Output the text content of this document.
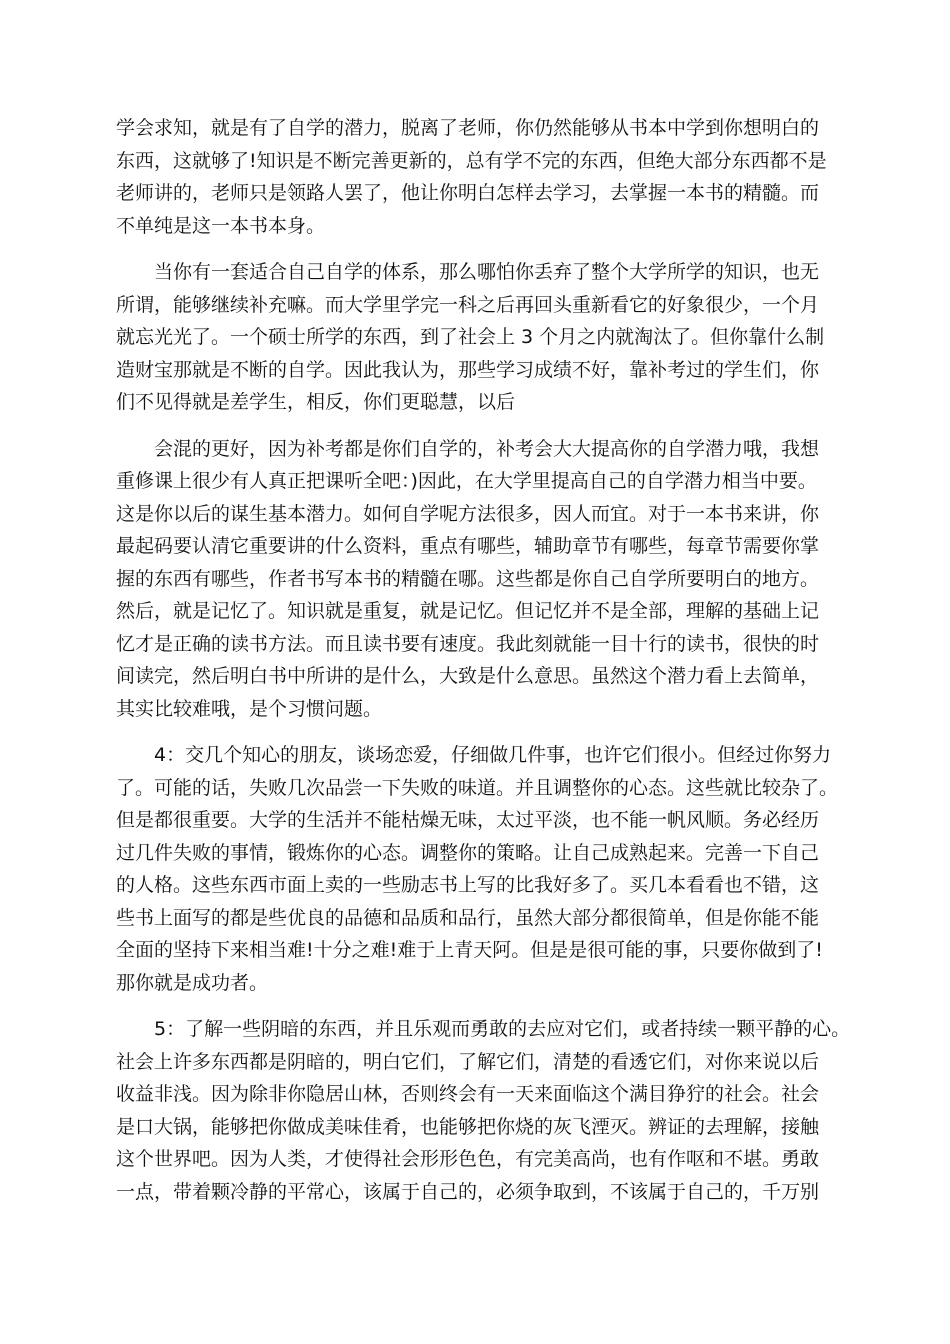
学会求知，就是有了自学的潜力，脱离了老师，你仍然能够从书本中学到你想明白的
东西，这就够了!知识是不断完善更新的，总有学不完的东西，但绝大部分东西都不是
老师讲的，老师只是领路人罢了，他让你明白怎样去学习，去掌握一本书的精髓。而
不单纯是这一本书本身。
当你有一套适合自己自学的体系，那么哪怕你丢弃了整个大学所学的知识，也无
所谓，能够继续补充嘛。而大学里学完一科之后再回头重新看它的好象很少，一个月
就忘光光了。一个硕士所学的东西，到了社会上 3 个月之内就淘汰了。但你靠什么制
造财宝那就是不断的自学。因此我认为，那些学习成绩不好，靠补考过的学生们，你
们不见得就是差学生，相反，你们更聪慧，以后
会混的更好，因为补考都是你们自学的，补考会大大提高你的自学潜力哦，我想
重修课上很少有人真正把课听全吧：)因此，在大学里提高自己的自学潜力相当中要。
这是你以后的谋生基本潜力。如何自学呢方法很多，因人而宜。对于一本书来讲，你
最起码要认清它重要讲的什么资料，重点有哪些，辅助章节有哪些，每章节需要你掌
握的东西有哪些，作者书写本书的精髓在哪。这些都是你自己自学所要明白的地方。
然后，就是记忆了。知识就是重复，就是记忆。但记忆并不是全部，理解的基础上记
忆才是正确的读书方法。而且读书要有速度。我此刻就能一目十行的读书，很快的时
间读完，然后明白书中所讲的是什么，大致是什么意思。虽然这个潜力看上去简单，
其实比较难哦，是个习惯问题。
4：交几个知心的朋友，谈场恋爱，仔细做几件事，也许它们很小。但经过你努力
了。可能的话，失败几次品尝一下失败的味道。并且调整你的心态。这些就比较杂了。
但是都很重要。大学的生活并不能枯燥无味，太过平淡，也不能一帆风顺。务必经历
过几件失败的事情，锻炼你的心态。调整你的策略。让自己成熟起来。完善一下自己
的人格。这些东西市面上卖的一些励志书上写的比我好多了。买几本看看也不错，这
些书上面写的都是些优良的品德和品质和品行，虽然大部分都很简单，但是你能不能
全面的坚持下来相当难!十分之难!难于上青天阿。但是是很可能的事，只要你做到了!
那你就是成功者。
5：了解一些阴暗的东西，并且乐观而勇敢的去应对它们，或者持续一颗平静的心。
社会上许多东西都是阴暗的，明白它们，了解它们，清楚的看透它们，对你来说以后
收益非浅。因为除非你隐居山林，否则终会有一天来面临这个满目狰狞的社会。社会
是口大锅，能够把你做成美味佳肴，也能够把你烧的灰飞湮灭。辨证的去理解，接触
这个世界吧。因为人类，才使得社会形形色色，有完美高尚，也有作呕和不堪。勇敢
一点，带着颗冷静的平常心，该属于自己的，必须争取到，不该属于自己的，千万别
